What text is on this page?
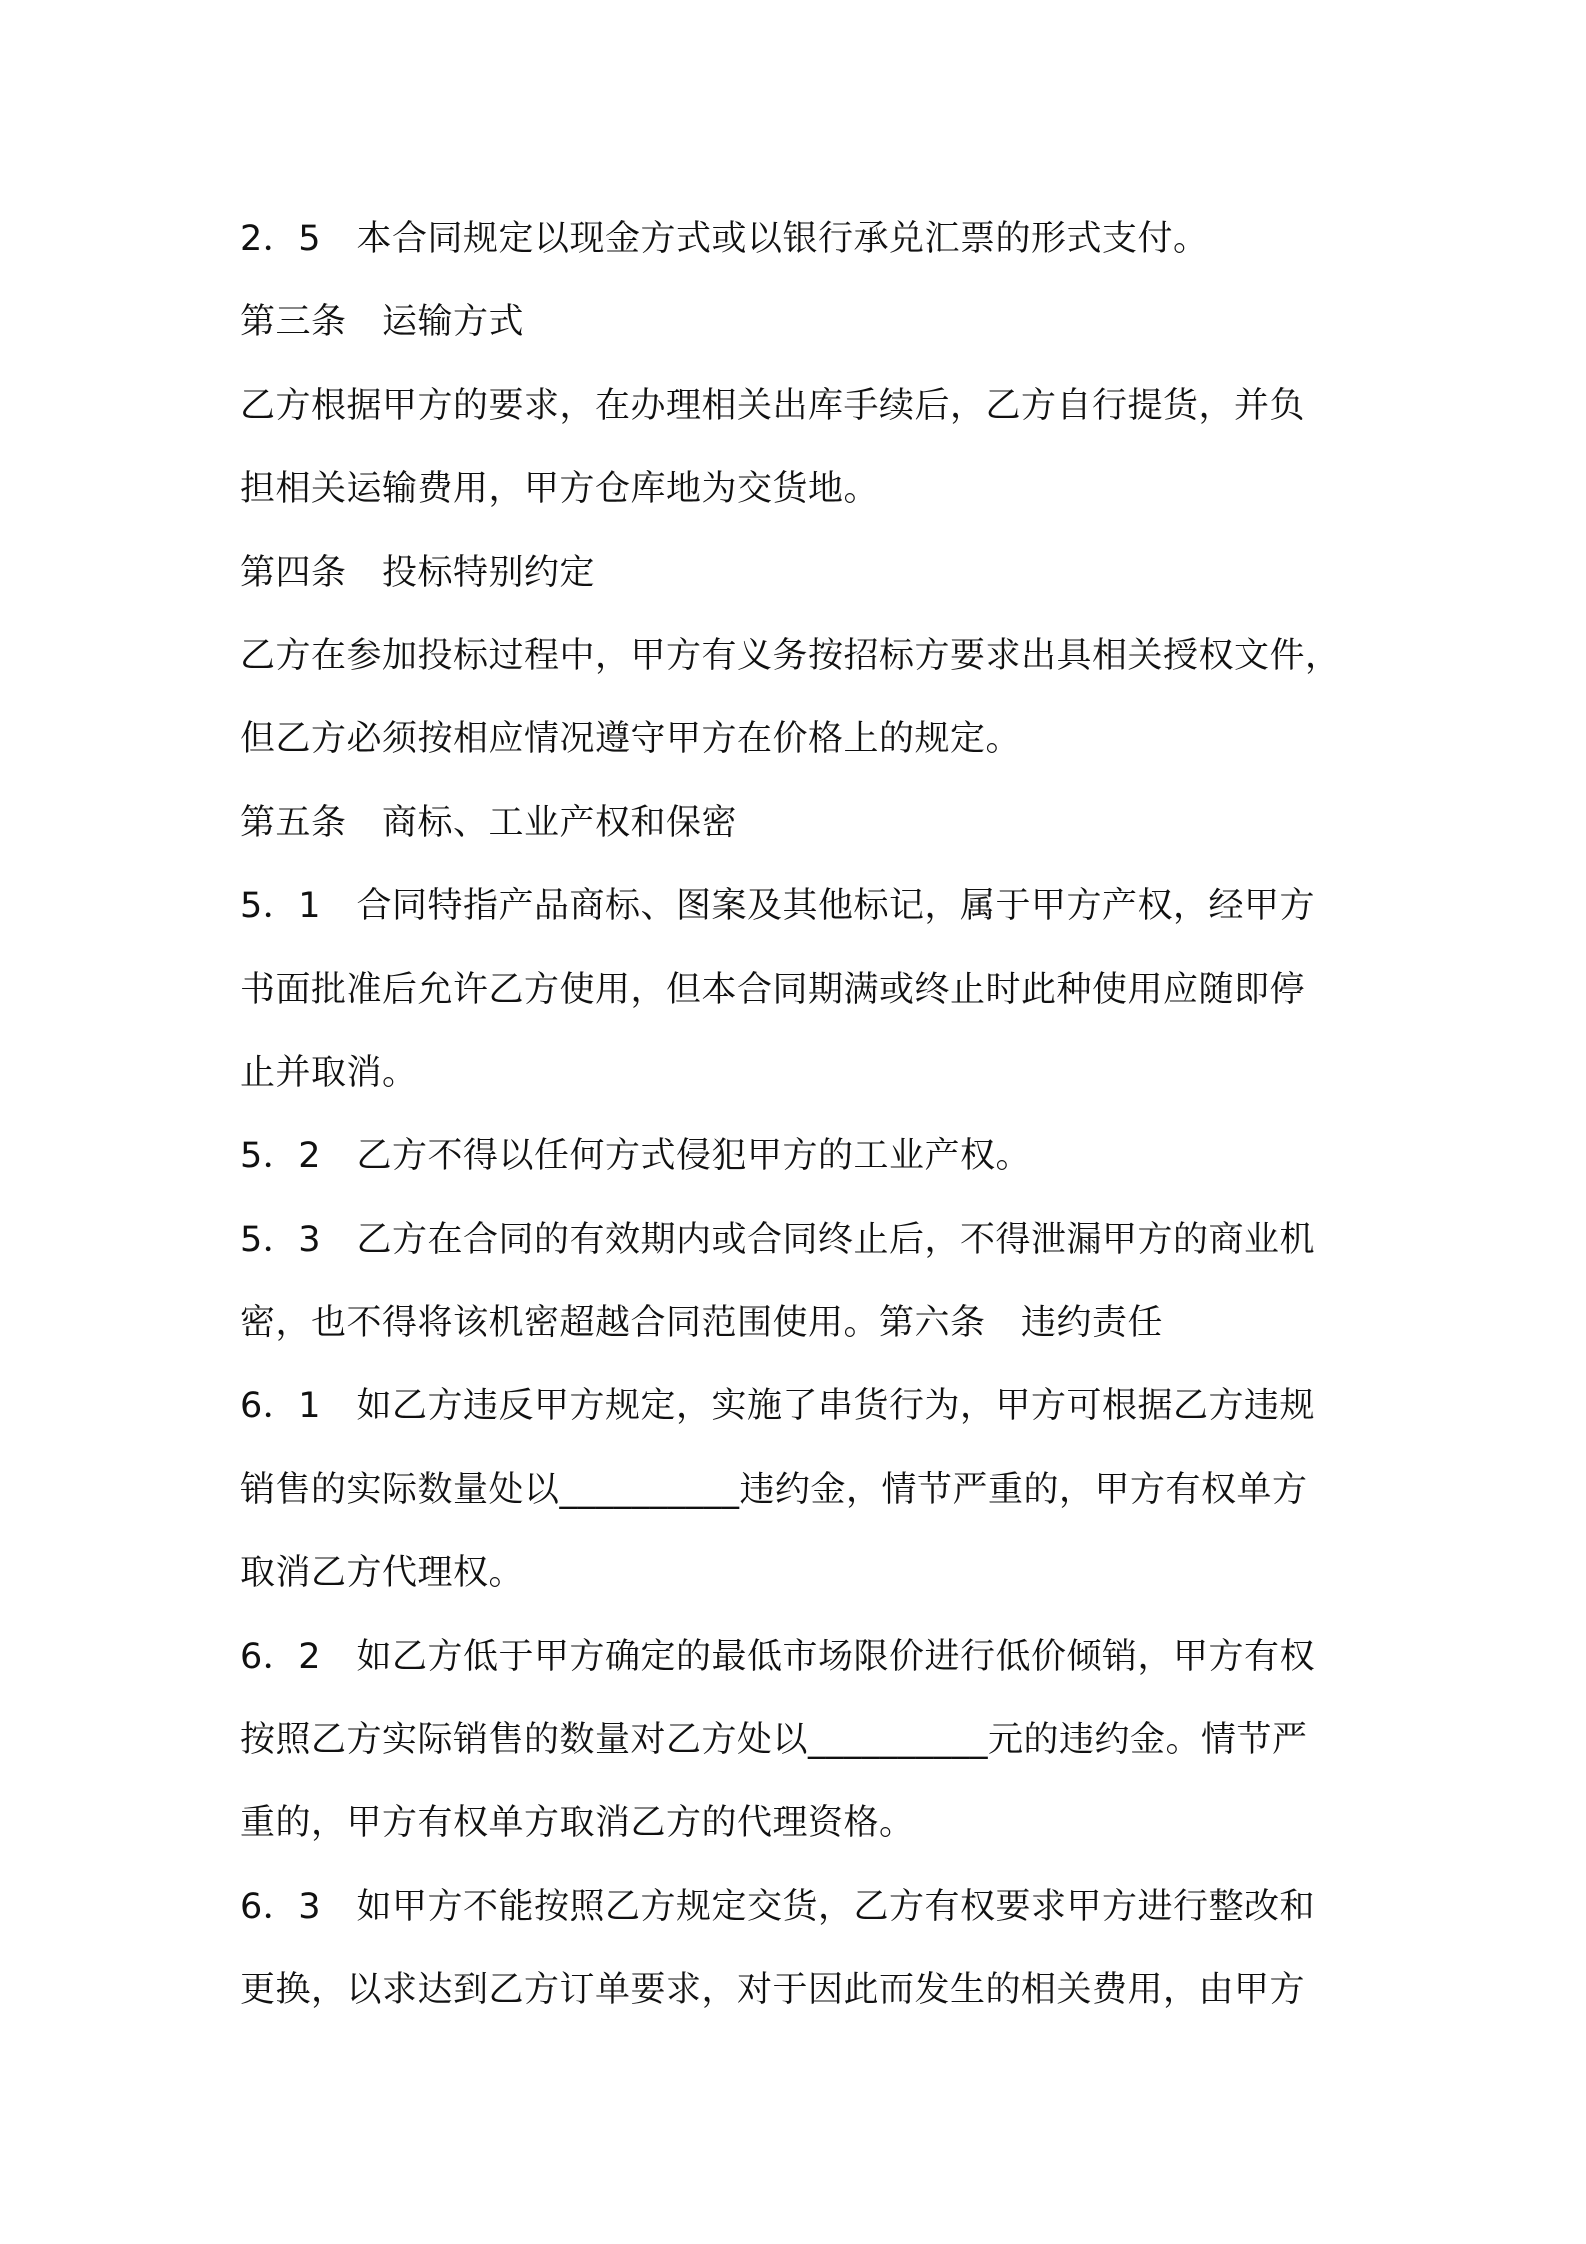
2．5　本合同规定以现金方式或以银行承兑汇票的形式支付。
第三条　运输方式
乙方根据甲方的要求，在办理相关出库手续后，乙方自行提货，并负
担相关运输费用，甲方仓库地为交货地。
第四条　投标特别约定
乙方在参加投标过程中，甲方有义务按招标方要求出具相关授权文件，
但乙方必须按相应情况遵守甲方在价格上的规定。
第五条　商标、工业产权和保密
5．1　合同特指产品商标、图案及其他标记，属于甲方产权，经甲方
书面批准后允许乙方使用，但本合同期满或终止时此种使用应随即停
止并取消。
5．2　乙方不得以任何方式侵犯甲方的工业产权。
5．3　乙方在合同的有效期内或合同终止后，不得泄漏甲方的商业机
密，也不得将该机密超越合同范围使用。第六条　违约责任
6．1　如乙方违反甲方规定，实施了串货行为，甲方可根据乙方违规
销售的实际数量处以__________违约金，情节严重的，甲方有权单方
取消乙方代理权。
6．2　如乙方低于甲方确定的最低市场限价进行低价倾销，甲方有权
按照乙方实际销售的数量对乙方处以__________元的违约金。情节严
重的，甲方有权单方取消乙方的代理资格。
6．3　如甲方不能按照乙方规定交货，乙方有权要求甲方进行整改和
更换，以求达到乙方订单要求，对于因此而发生的相关费用，由甲方
